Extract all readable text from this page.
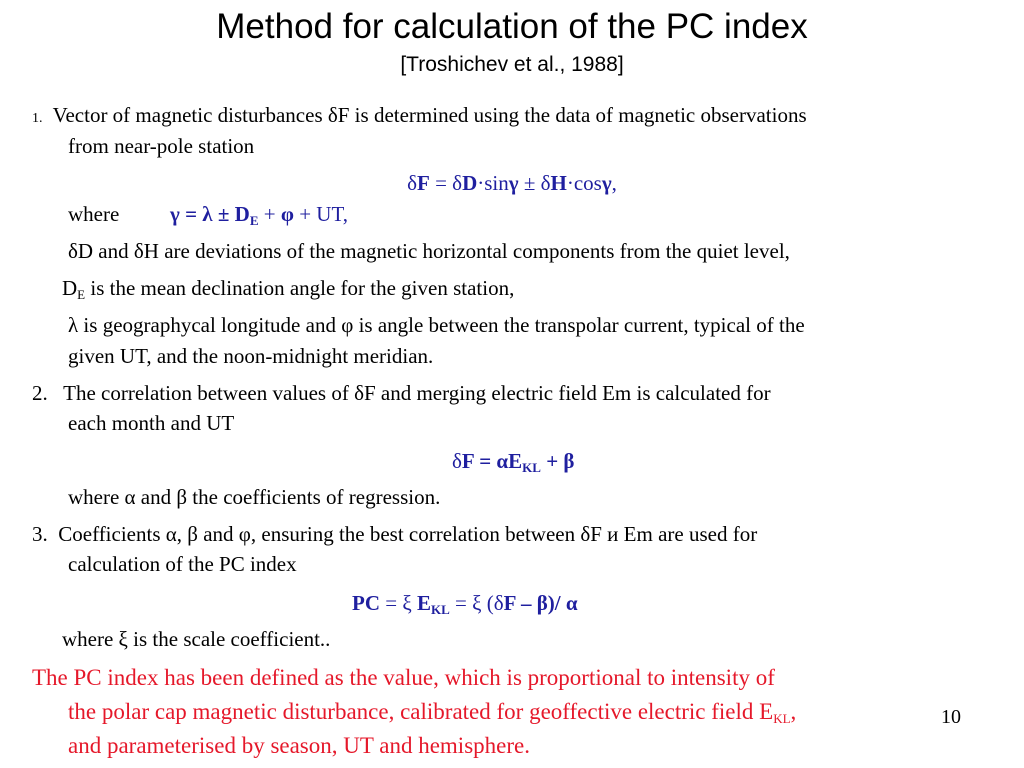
Method for calculation of the PC index
[Troshichev et al., 1988]
1. Vector of magnetic disturbances δF is determined using the data of magnetic observations
from near-pole station
δF = δD·sinγ ± δH·cosγ,
where $\gamma = \lambda \pm D_E + \varphi$ + UT,
δD and δH are deviations of the magnetic horizontal components from the quiet level,
$D_E$ is the mean declination angle for the given station,
λ is geographycal longitude and φ is angle between the transpolar current, typical of the
given UT, and the noon-midnight meridian.
2. The correlation between values of δF and merging electric field Em is calculated for
each month and UT
$\delta F = \alpha E_{KL} + \beta$
where α and β the coefficients of regression.
3. Coefficients α, β and φ, ensuring the best correlation between δF и Em are used for
calculation of the PC index
PC = ξ $E_{KL} = \xi$ (δF – β)/ α
where ξ is the scale coefficient..
The PC index has been defined as the value, which is proportional to intensity of
the polar cap magnetic disturbance, calibrated for geoffective electric field $E_{KL}$,
and parameterised by season, UT and hemisphere.
10
